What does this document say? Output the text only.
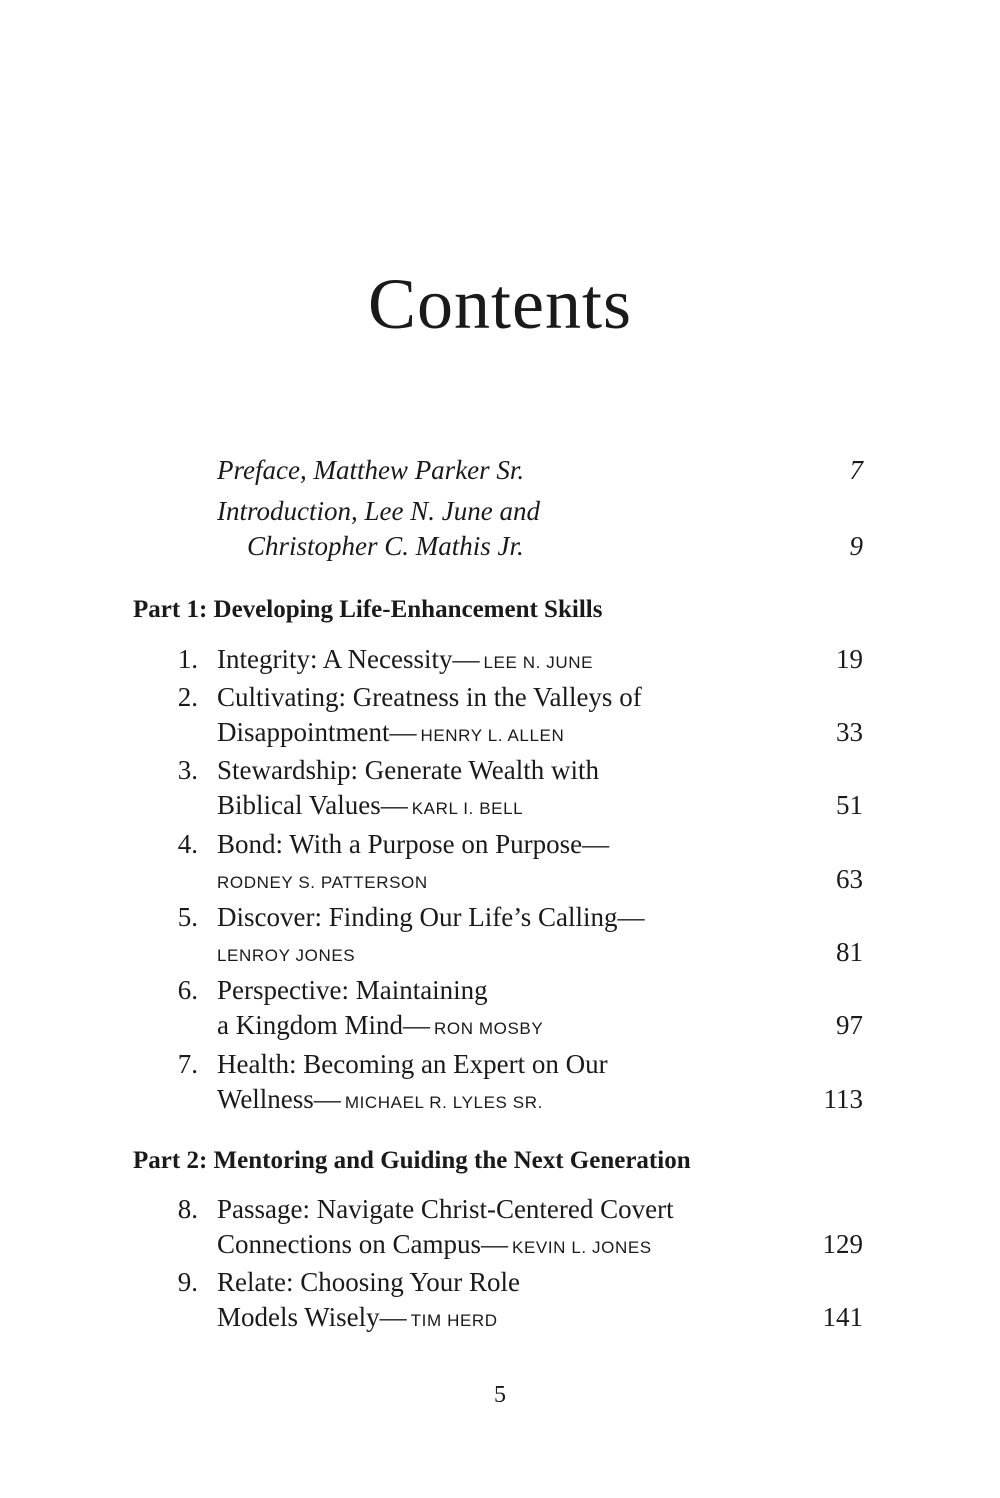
Contents
Preface, Matthew Parker Sr.	7
Introduction, Lee N. June and
Christopher C. Mathis Jr.	9
Part 1: Developing Life-Enhancement Skills
1. Integrity: A Necessity— LEE N. JUNE	19
2. Cultivating: Greatness in the Valleys of
Disappointment— HENRY L. ALLEN	33
3. Stewardship: Generate Wealth with
Biblical Values— KARL I. BELL	51
4. Bond: With a Purpose on Purpose—
RODNEY S. PATTERSON	63
5. Discover: Finding Our Life’s Calling—
LENROY JONES	81
6. Perspective: Maintaining
a Kingdom Mind— RON MOSBY	97
7. Health: Becoming an Expert on Our
Wellness— MICHAEL R. LYLES SR.	113
Part 2: Mentoring and Guiding the Next Generation
8. Passage: Navigate Christ-Centered Covert
Connections on Campus— KEVIN L. JONES	129
9. Relate: Choosing Your Role
Models Wisely— TIM HERD	141
5
